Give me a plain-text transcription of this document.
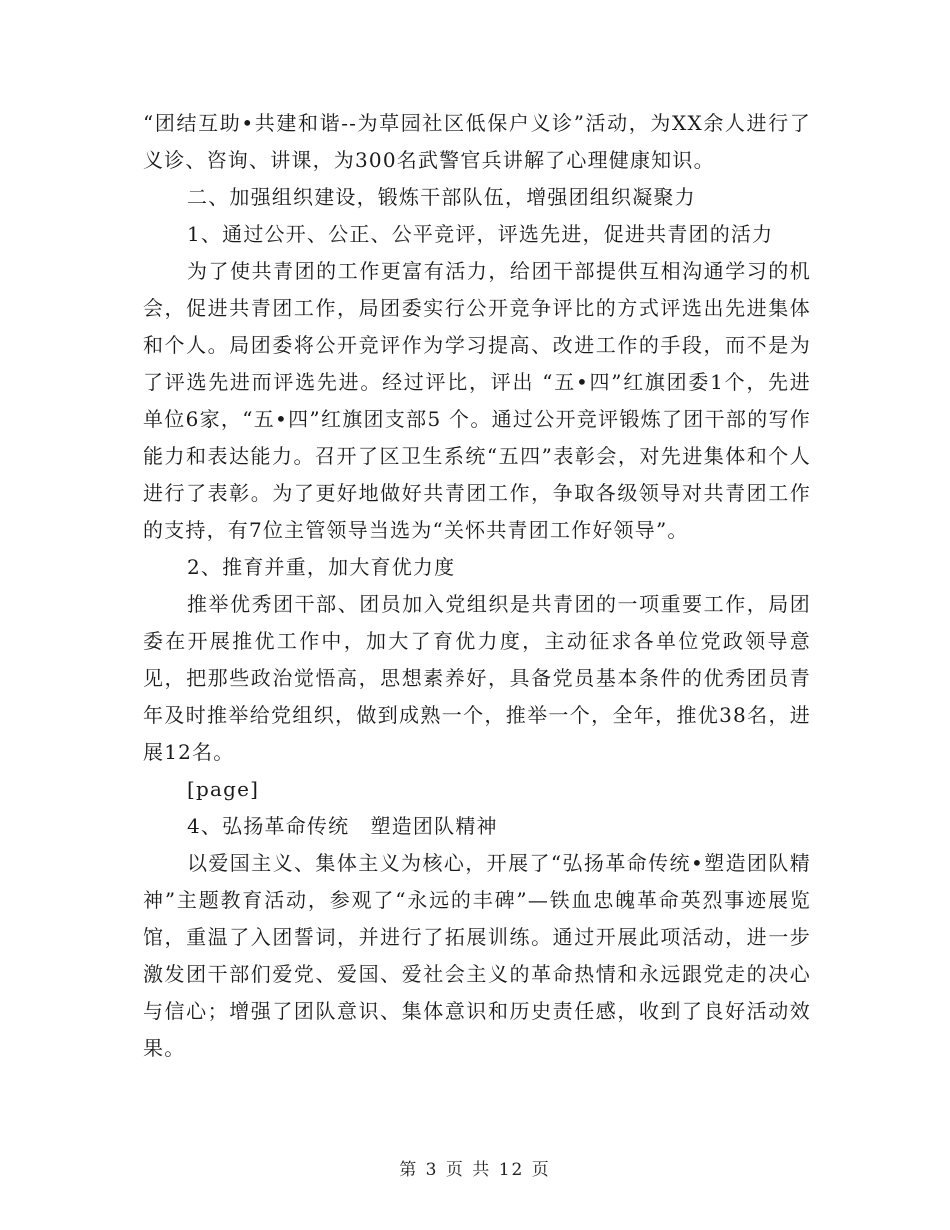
“团结互助•共建和谐--为草园社区低保户义诊”活动，为XX余人进行了义诊、咨询、讲课，为300名武警官兵讲解了心理健康知识。

二、加强组织建设，锻炼干部队伍，增强团组织凝聚力

1、通过公开、公正、公平竞评，评选先进，促进共青团的活力

为了使共青团的工作更富有活力，给团干部提供互相沟通学习的机会，促进共青团工作，局团委实行公开竞争评比的方式评选出先进集体和个人。局团委将公开竞评作为学习提高、改进工作的手段，而不是为了评选先进而评选先进。经过评比，评出 “五•四”红旗团委1个，先进单位6家，“五•四”红旗团支部5 个。通过公开竞评锻炼了团干部的写作能力和表达能力。召开了区卫生系统“五四”表彰会，对先进集体和个人进行了表彰。为了更好地做好共青团工作，争取各级领导对共青团工作的支持，有7位主管领导当选为“关怀共青团工作好领导”。

2、推育并重，加大育优力度

推举优秀团干部、团员加入党组织是共青团的一项重要工作，局团委在开展推优工作中，加大了育优力度，主动征求各单位党政领导意见，把那些政治觉悟高，思想素养好，具备党员基本条件的优秀团员青年及时推举给党组织，做到成熟一个，推举一个，全年，推优38名，进展12名。

[page]

4、弘扬革命传统　塑造团队精神

以爱国主义、集体主义为核心，开展了“弘扬革命传统•塑造团队精神”主题教育活动，参观了“永远的丰碑”—铁血忠魄革命英烈事迹展览馆，重温了入团誓词，并进行了拓展训练。通过开展此项活动，进一步激发团干部们爱党、爱国、爱社会主义的革命热情和永远跟党走的决心与信心；增强了团队意识、集体意识和历史责任感，收到了良好活动效果。

第 3 页 共 12 页
